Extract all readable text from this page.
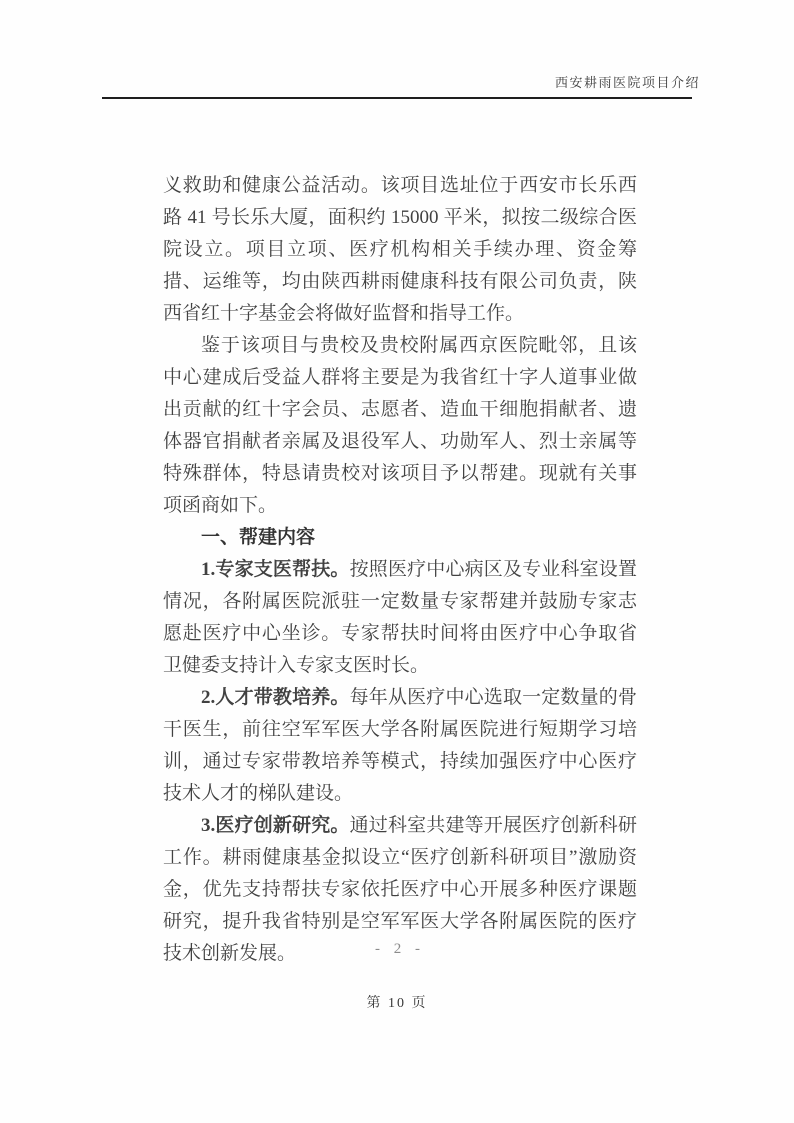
西安耕雨医院项目介绍

义救助和健康公益活动。该项目选址位于西安市长乐西路 41 号长乐大厦，面积约 15000 平米，拟按二级综合医院设立。项目立项、医疗机构相关手续办理、资金筹措、运维等，均由陕西耕雨健康科技有限公司负责，陕西省红十字基金会将做好监督和指导工作。

鉴于该项目与贵校及贵校附属西京医院毗邻，且该中心建成后受益人群将主要是为我省红十字人道事业做出贡献的红十字会员、志愿者、造血干细胞捐献者、遗体器官捐献者亲属及退役军人、功勋军人、烈士亲属等特殊群体，特恳请贵校对该项目予以帮建。现就有关事项函商如下。

一、帮建内容

1.专家支医帮扶。按照医疗中心病区及专业科室设置情况，各附属医院派驻一定数量专家帮建并鼓励专家志愿赴医疗中心坐诊。专家帮扶时间将由医疗中心争取省卫健委支持计入专家支医时长。

2.人才带教培养。每年从医疗中心选取一定数量的骨干医生，前往空军军医大学各附属医院进行短期学习培训，通过专家带教培养等模式，持续加强医疗中心医疗技术人才的梯队建设。

3.医疗创新研究。通过科室共建等开展医疗创新科研工作。耕雨健康基金拟设立“医疗创新科研项目”激励资金，优先支持帮扶专家依托医疗中心开展多种医疗课题研究，提升我省特别是空军军医大学各附属医院的医疗技术创新发展。	- 2 -
第 10 页
